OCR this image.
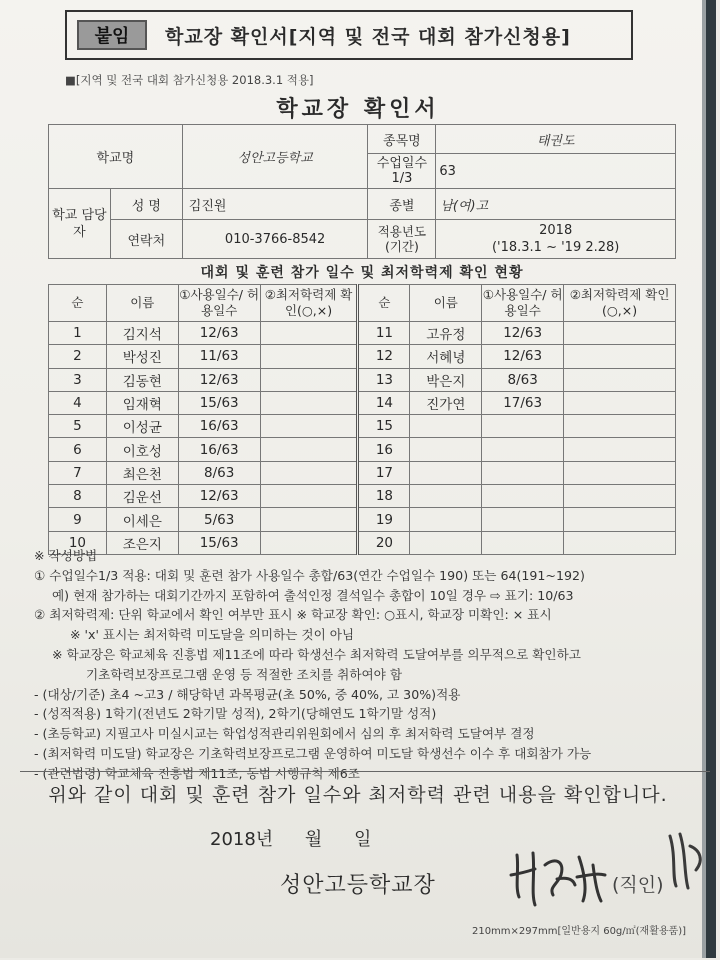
붙임	학교장 확인서[지역 및 전국 대회 참가신청용]
■[지역 및 전국 대회 참가신청용 2018.3.1 적용]
학교장 확인서
학교명		성안고등학교	종목명	태권도
			수업일수 1/3	63
학교 담당자	성 명	김진원	종별	남(여)고
	연락처	010-3766-8542	적용년도 (기간)	2018
('18.3.1 ~ '19 2.28)
대회 및 훈련 참가 일수 및 최저학력제 확인 현황
순	이름	①사용일수/ 허용일수	②최저학력제 확인(○,×)	순	이름	①사용일수/ 허용일수	②최저학력제 확인(○,×)
1	김지석	12/63		11	고유정	12/63	
2	박성진	11/63		12	서혜녕	12/63	
3	김동현	12/63		13	박은지	8/63	
4	임재혁	15/63		14	진가연	17/63	
5	이성균	16/63		15			
6	이호성	16/63		16			
7	최은천	8/63		17			
8	김운선	12/63		18			
9	이세은	5/63		19			
10	조은지	15/63		20			
※ 작성방법
① 수업일수1/3 적용: 대회 및 훈련 참가 사용일수 총합/63(연간 수업일수 190) 또는 64(191~192)
예) 현재 참가하는 대회기간까지 포함하여 출석인정 결석일수 총합이 10일 경우 ⇨ 표기: 10/63
② 최저학력제: 단위 학교에서 확인 여부만 표시 ※ 학교장 확인: ○표시, 학교장 미확인: × 표시
※ 'x' 표시는 최저학력 미도달을 의미하는 것이 아님
※ 학교장은 학교체육 진흥법 제11조에 따라 학생선수 최저학력 도달여부를 의무적으로 확인하고
기초학력보장프로그램 운영 등 적절한 조치를 취하여야 함
- (대상/기준) 초4 ~고3 / 해당학년 과목평균(초 50%, 중 40%, 고 30%)적용
- (성적적용) 1학기(전년도 2학기말 성적), 2학기(당해연도 1학기말 성적)
- (초등학교) 지필고사 미실시교는 학업성적관리위원회에서 심의 후 최저학력 도달여부 결정
- (최저학력 미도달) 학교장은 기초학력보장프로그램 운영하여 미도달 학생선수 이수 후 대회참가 가능
- (관련법령) 학교체육 진흥법 제11조, 동법 시행규칙 제6조
위와 같이 대회 및 훈련 참가 일수와 최저학력 관련 내용을 확인합니다.
2018년 월 일
성안고등학교장	(직인)
210mm×297mm[일반용지 60g/㎡(재활용품)]
